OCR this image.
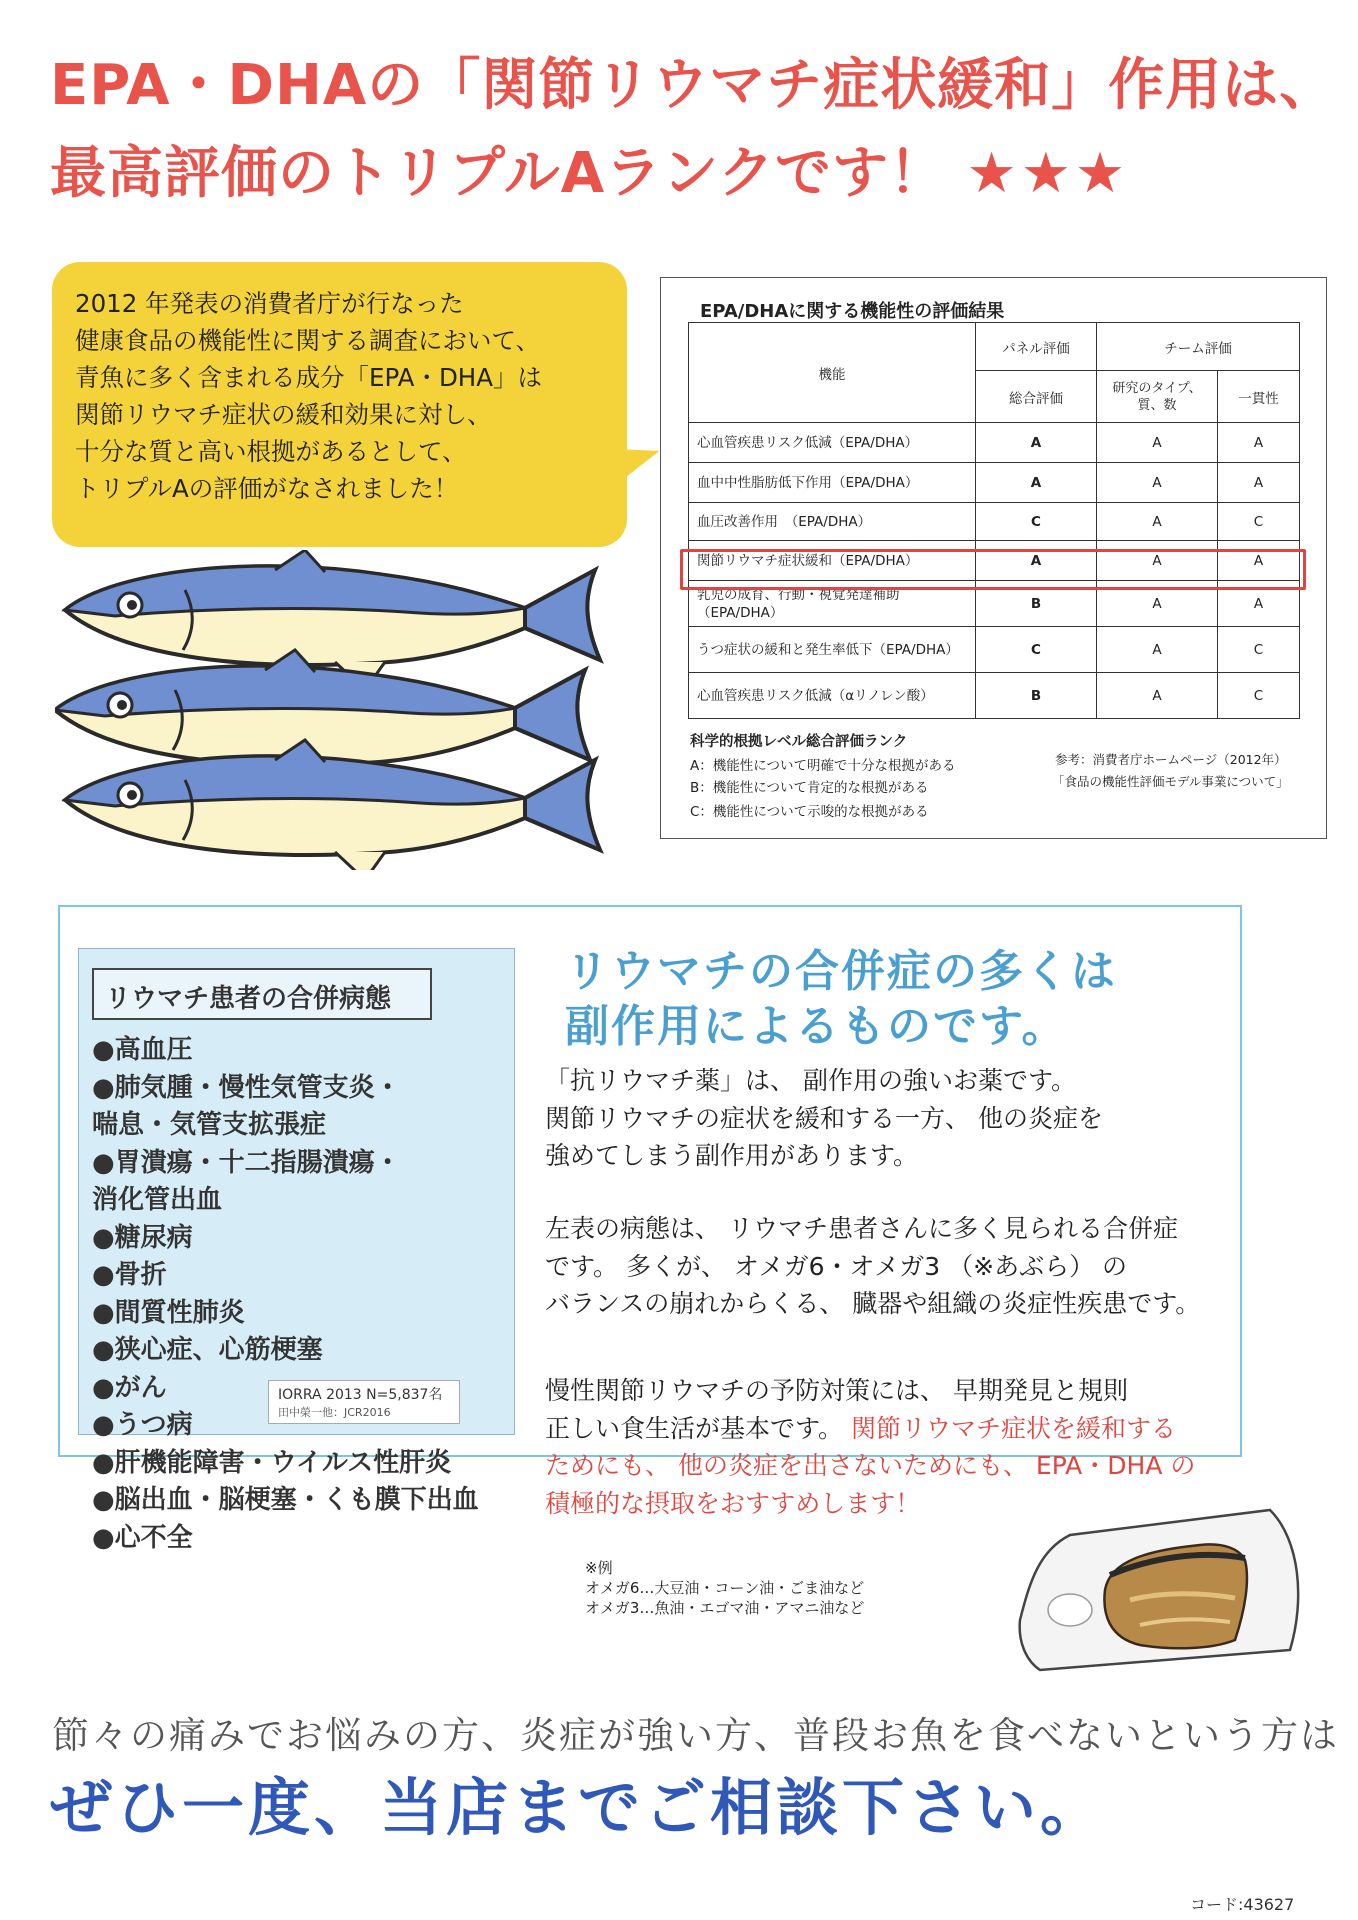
EPA・DHAの「関節リウマチ症状緩和」作用は、
最高評価のトリプルAランクです！ ★★★
2012 年発表の消費者庁が行なった
健康食品の機能性に関する調査において、
青魚に多く含まれる成分「EPA・DHA」は
関節リウマチ症状の緩和効果に対し、
十分な質と高い根拠があるとして、
トリプルAの評価がなされました！
EPA/DHAに関する機能性の評価結果
機能	パネル評価	チーム評価	
	総合評価	研究のタイプ、質、数	一貫性
心血管疾患リスク低減（EPA/DHA）	A	A	A
血中中性脂肪低下作用（EPA/DHA）	A	A	A
血圧改善作用　（EPA/DHA）	C	A	C
関節リウマチ症状緩和（EPA/DHA）	A	A	A
乳児の成育、行動・視覚発達補助（EPA/DHA）	B	A	A
うつ症状の緩和と発生率低下（EPA/DHA）	C	A	C
心血管疾患リスク低減（αリノレン酸）	B	A	C
科学的根拠レベル総合評価ランク
A：機能性について明確で十分な根拠がある
B：機能性について肯定的な根拠がある
C：機能性について示唆的な根拠がある
参考：消費者庁ホームページ（2012年）
「食品の機能性評価モデル事業について」
リウマチ患者の合併病態
●高血圧
●肺気腫・慢性気管支炎・
喘息・気管支拡張症
●胃潰瘍・十二指腸潰瘍・
消化管出血
●糖尿病
●骨折
●間質性肺炎
●狭心症、心筋梗塞
●がん
●うつ病
●肝機能障害・ウイルス性肝炎
●脳出血・脳梗塞・くも膜下出血
●心不全
IORRA 2013 N=5,837名
田中榮一他：JCR2016
リウマチの合併症の多くは
副作用によるものです。
「抗リウマチ薬」は、 副作用の強いお薬です。
関節リウマチの症状を緩和する一方、 他の炎症を
強めてしまう副作用があります。
左表の病態は、 リウマチ患者さんに多く見られる合併症
です。 多くが、 オメガ6・オメガ3 （※あぶら） の
バランスの崩れからくる、 臓器や組織の炎症性疾患です。
慢性関節リウマチの予防対策には、 早期発見と規則
正しい食生活が基本です。 関節リウマチ症状を緩和する
ためにも、 他の炎症を出さないためにも、 EPA・DHA の
積極的な摂取をおすすめします！
※例
オメガ6…大豆油・コーン油・ごま油など
オメガ3…魚油・エゴマ油・アマニ油など
節々の痛みでお悩みの方、炎症が強い方、普段お魚を食べないという方は
ぜひ一度、当店までご相談下さい。
コード:43627
